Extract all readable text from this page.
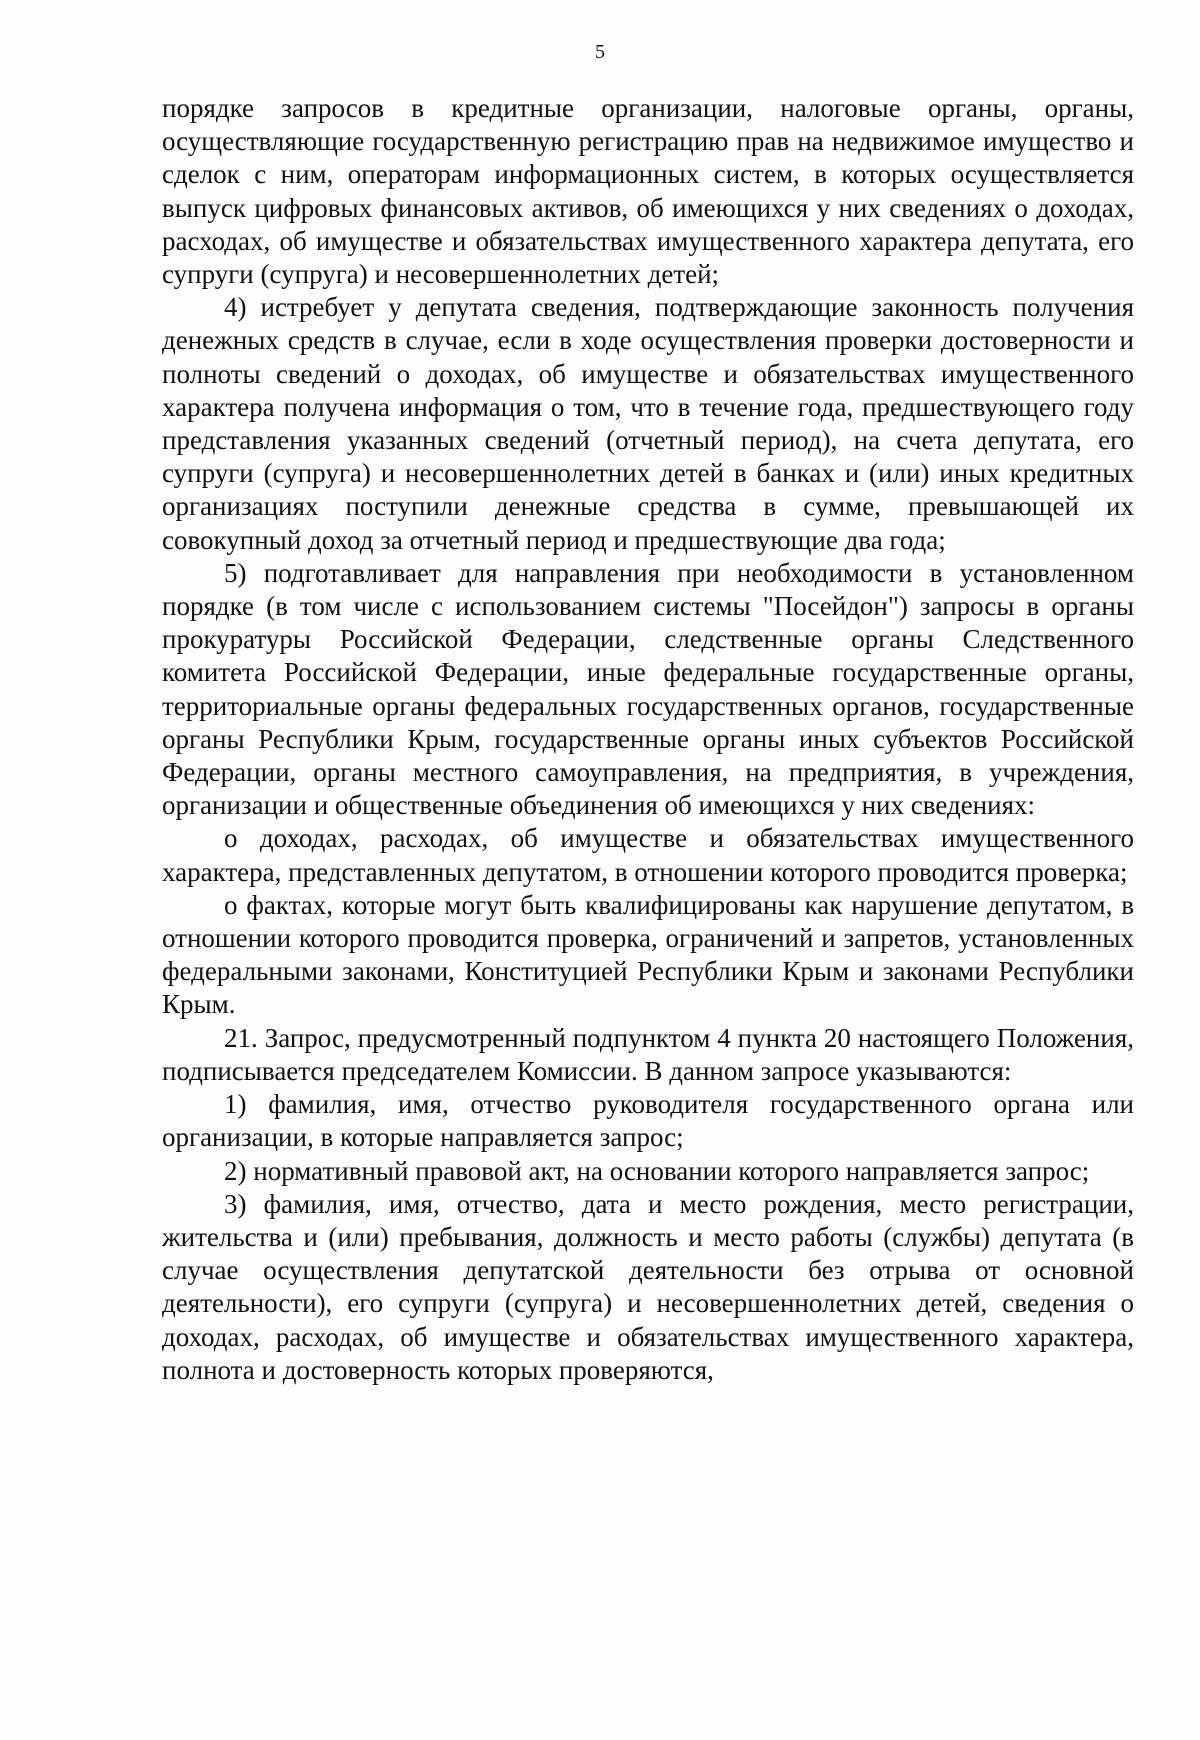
5

порядке запросов в кредитные организации, налоговые органы, органы, осуществляющие государственную регистрацию прав на недвижимое имущество и сделок с ним, операторам информационных систем, в которых осуществляется выпуск цифровых финансовых активов, об имеющихся у них сведениях о доходах, расходах, об имуществе и обязательствах имущественного характера депутата, его супруги (супруга) и несовершеннолетних детей;

4) истребует у депутата сведения, подтверждающие законность получения денежных средств в случае, если в ходе осуществления проверки достоверности и полноты сведений о доходах, об имуществе и обязательствах имущественного характера получена информация о том, что в течение года, предшествующего году представления указанных сведений (отчетный период), на счета депутата, его супруги (супруга) и несовершеннолетних детей в банках и (или) иных кредитных организациях поступили денежные средства в сумме, превышающей их совокупный доход за отчетный период и предшествующие два года;

5) подготавливает для направления при необходимости в установленном порядке (в том числе с использованием системы "Посейдон") запросы в органы прокуратуры Российской Федерации, следственные органы Следственного комитета Российской Федерации, иные федеральные государственные органы, территориальные органы федеральных государственных органов, государственные органы Республики Крым, государственные органы иных субъектов Российской Федерации, органы местного самоуправления, на предприятия, в учреждения, организации и общественные объединения об имеющихся у них сведениях:

о доходах, расходах, об имуществе и обязательствах имущественного характера, представленных депутатом, в отношении которого проводится проверка;

о фактах, которые могут быть квалифицированы как нарушение депутатом, в отношении которого проводится проверка, ограничений и запретов, установленных федеральными законами, Конституцией Республики Крым и законами Республики Крым.

21. Запрос, предусмотренный подпунктом 4 пункта 20 настоящего Положения, подписывается председателем Комиссии. В данном запросе указываются:

1) фамилия, имя, отчество руководителя государственного органа или организации, в которые направляется запрос;

2) нормативный правовой акт, на основании которого направляется запрос;

3) фамилия, имя, отчество, дата и место рождения, место регистрации, жительства и (или) пребывания, должность и место работы (службы) депутата (в случае осуществления депутатской деятельности без отрыва от основной деятельности), его супруги (супруга) и несовершеннолетних детей, сведения о доходах, расходах, об имуществе и обязательствах имущественного характера, полнота и достоверность которых проверяются,
